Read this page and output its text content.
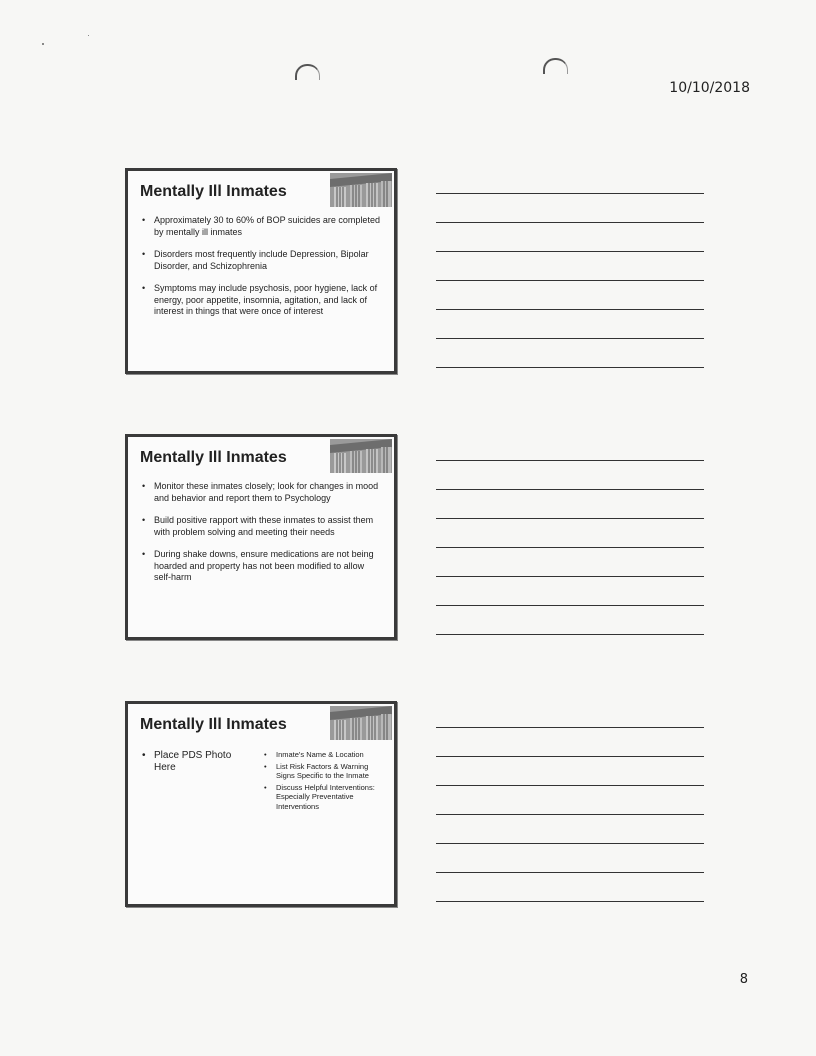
10/10/2018
Mentally Ill Inmates
• Approximately 30 to 60% of BOP suicides are completed by mentally ill inmates
• Disorders most frequently include Depression, Bipolar Disorder, and Schizophrenia
• Symptoms may include psychosis, poor hygiene, lack of energy, poor appetite, insomnia, agitation, and lack of interest in things that were once of interest
Mentally Ill Inmates
• Monitor these inmates closely; look for changes in mood and behavior and report them to Psychology
• Build positive rapport with these inmates to assist them with problem solving and meeting their needs
• During shake downs, ensure medications are not being hoarded and property has not been modified to allow self-harm
Mentally Ill Inmates
• Place PDS Photo Here
• Inmate's Name & Location
• List Risk Factors & Warning Signs Specific to the Inmate
• Discuss Helpful Interventions: Especially Preventative Interventions
8
